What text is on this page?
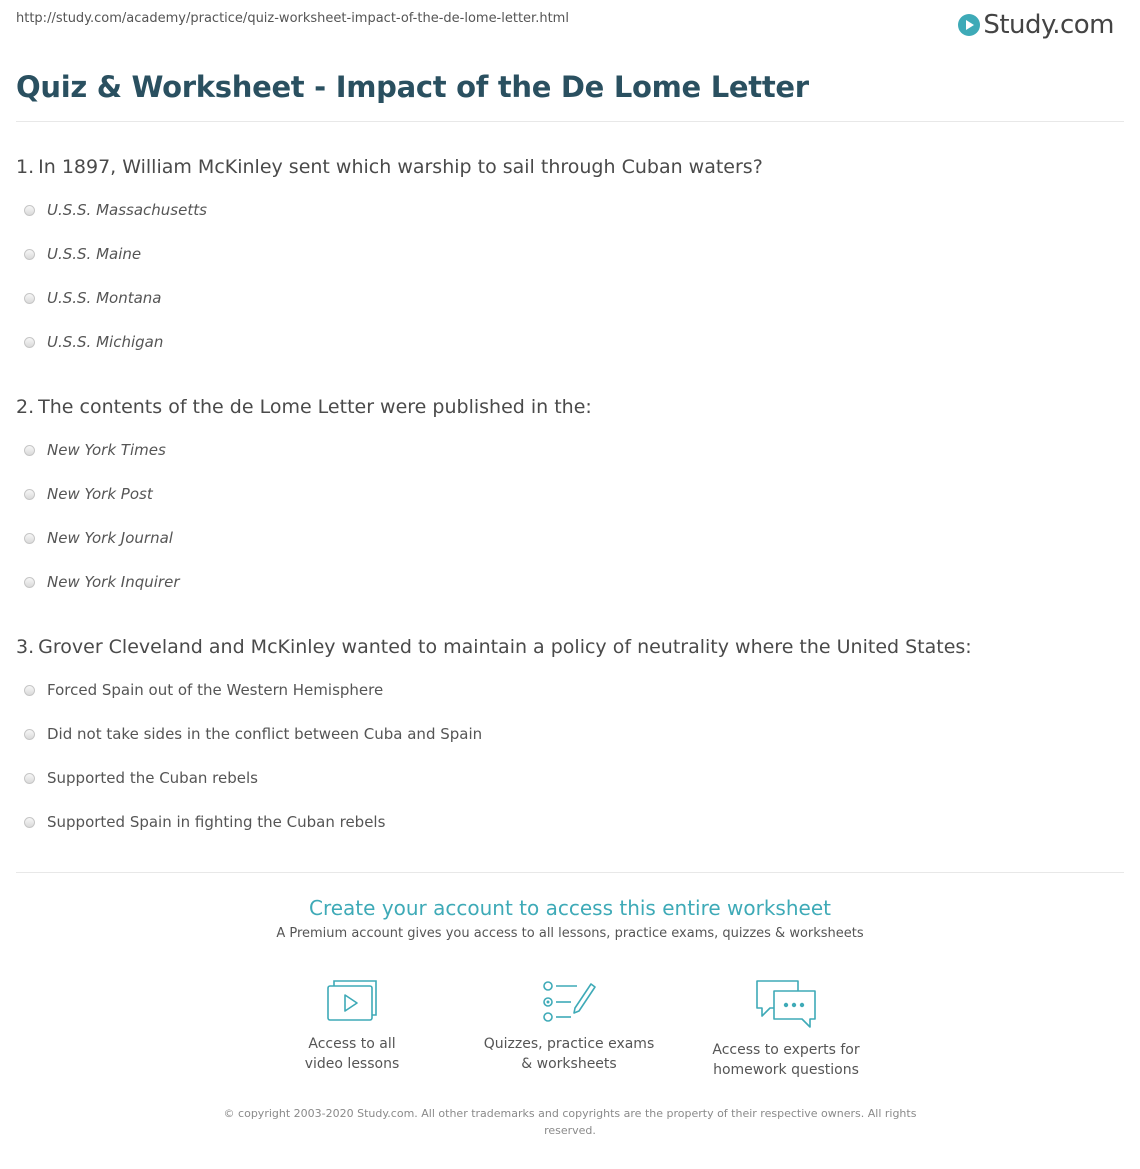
http://study.com/academy/practice/quiz-worksheet-impact-of-the-de-lome-letter.html	Study.com
Quiz & Worksheet - Impact of the De Lome Letter
1. In 1897, William McKinley sent which warship to sail through Cuban waters?
U.S.S. Massachusetts
U.S.S. Maine
U.S.S. Montana
U.S.S. Michigan
2. The contents of the de Lome Letter were published in the:
New York Times
New York Post
New York Journal
New York Inquirer
3. Grover Cleveland and McKinley wanted to maintain a policy of neutrality where the United States:
Forced Spain out of the Western Hemisphere
Did not take sides in the conflict between Cuba and Spain
Supported the Cuban rebels
Supported Spain in fighting the Cuban rebels
Create your account to access this entire worksheet
A Premium account gives you access to all lessons, practice exams, quizzes & worksheets
Access to all
video lessons
Quizzes, practice exams
& worksheets
Access to experts for
homework questions
© copyright 2003-2020 Study.com. All other trademarks and copyrights are the property of their respective owners. All rights reserved.
